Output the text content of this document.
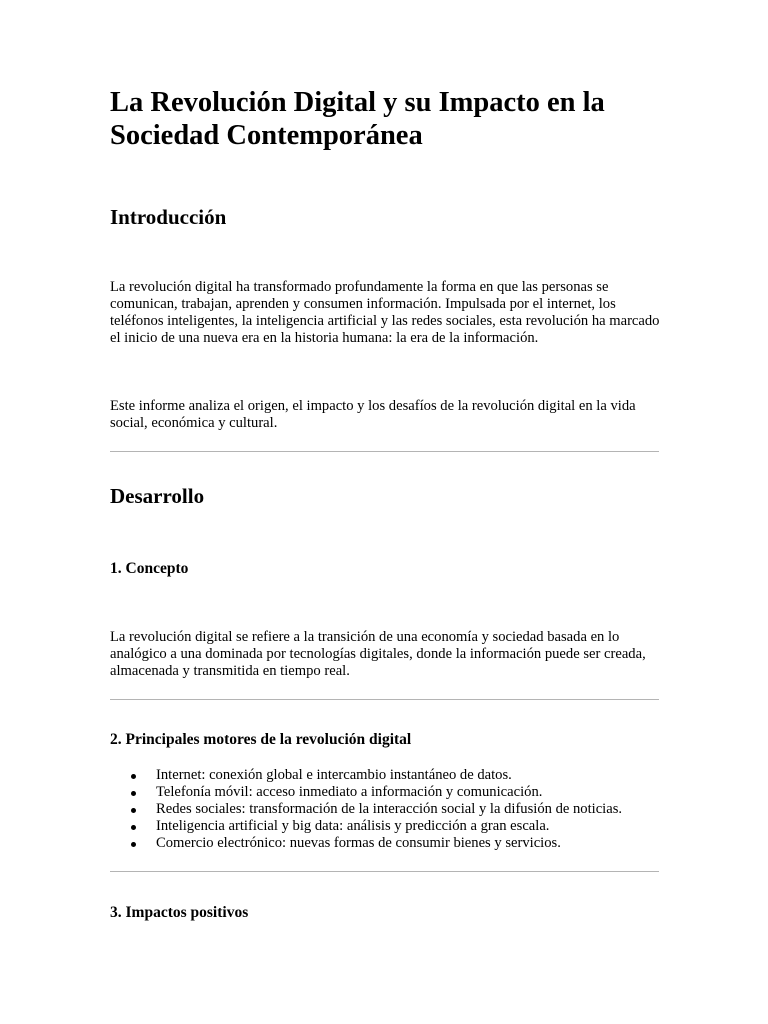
La Revolución Digital y su Impacto en la Sociedad Contemporánea
Introducción

La revolución digital ha transformado profundamente la forma en que las personas se comunican, trabajan, aprenden y consumen información. Impulsada por el internet, los teléfonos inteligentes, la inteligencia artificial y las redes sociales, esta revolución ha marcado el inicio de una nueva era en la historia humana: la era de la información.

Este informe analiza el origen, el impacto y los desafíos de la revolución digital en la vida social, económica y cultural.

Desarrollo
1. Concepto

La revolución digital se refiere a la transición de una economía y sociedad basada en lo analógico a una dominada por tecnologías digitales, donde la información puede ser creada, almacenada y transmitida en tiempo real.

2. Principales motores de la revolución digital
Internet: conexión global e intercambio instantáneo de datos.
Telefonía móvil: acceso inmediato a información y comunicación.
Redes sociales: transformación de la interacción social y la difusión de noticias.
Inteligencia artificial y big data: análisis y predicción a gran escala.
Comercio electrónico: nuevas formas de consumir bienes y servicios.
3. Impactos positivos
